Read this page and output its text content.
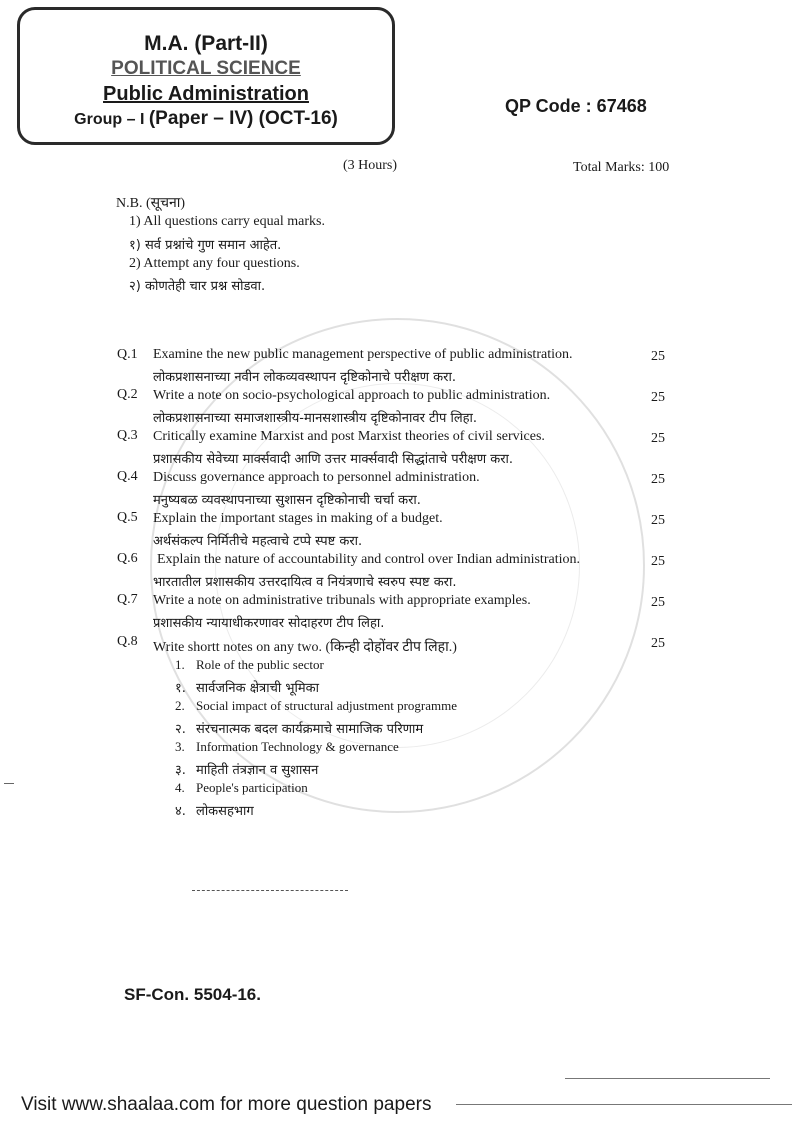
M.A. (Part-II)
POLITICAL SCIENCE
Public Administration
Group – I (Paper – IV) (OCT-16)
QP Code : 67468
(3 Hours)	Total Marks: 100
N.B. (सूचना)
1) All questions carry equal marks.
१) सर्व प्रश्नांचे गुण समान आहेत.
2) Attempt any four questions.
२) कोणतेही चार प्रश्न सोडवा.
Q.1 Examine the new public management perspective of public administration.
लोकप्रशासनाच्या नवीन लोकव्यवस्थापन दृष्टिकोनाचे परीक्षण करा.
25
Q.2 Write a note on socio-psychological approach to public administration.
लोकप्रशासनाच्या समाजशास्त्रीय-मानसशास्त्रीय दृष्टिकोनावर टीप लिहा.
25
Q.3 Critically examine Marxist and post Marxist theories of civil services.
प्रशासकीय सेवेच्या मार्क्सवादी आणि उत्तर मार्क्सवादी सिद्धांताचे परीक्षण करा.
25
Q.4 Discuss governance approach to personnel administration.
मनुष्यबळ व्यवस्थापनाच्या सुशासन दृष्टिकोनाची चर्चा करा.
25
Q.5 Explain the important stages in making of a budget.
अर्थसंकल्प निर्मितीचे महत्वाचे टप्पे स्पष्ट करा.
25
Q.6 Explain the nature of accountability and control over Indian administration.
भारतातील प्रशासकीय उत्तरदायित्व व नियंत्रणाचे स्वरुप स्पष्ट करा.
25
Q.7 Write a note on administrative tribunals with appropriate examples.
प्रशासकीय न्यायाधीकरणावर सोदाहरण टीप लिहा.
25
Q.8 Write shortt notes on any two. (किन्ही दोहोंवर टीप लिहा.)	25
1. Role of the public sector
१. सार्वजनिक क्षेत्राची भूमिका
2. Social impact of structural adjustment programme
२. संरचनात्मक बदल कार्यक्रमाचे सामाजिक परिणाम
3. Information Technology & governance
३. माहिती तंत्रज्ञान व सुशासन
4. People's participation
४. लोकसहभाग
SF-Con. 5504-16.
Visit www.shaalaa.com for more question papers
